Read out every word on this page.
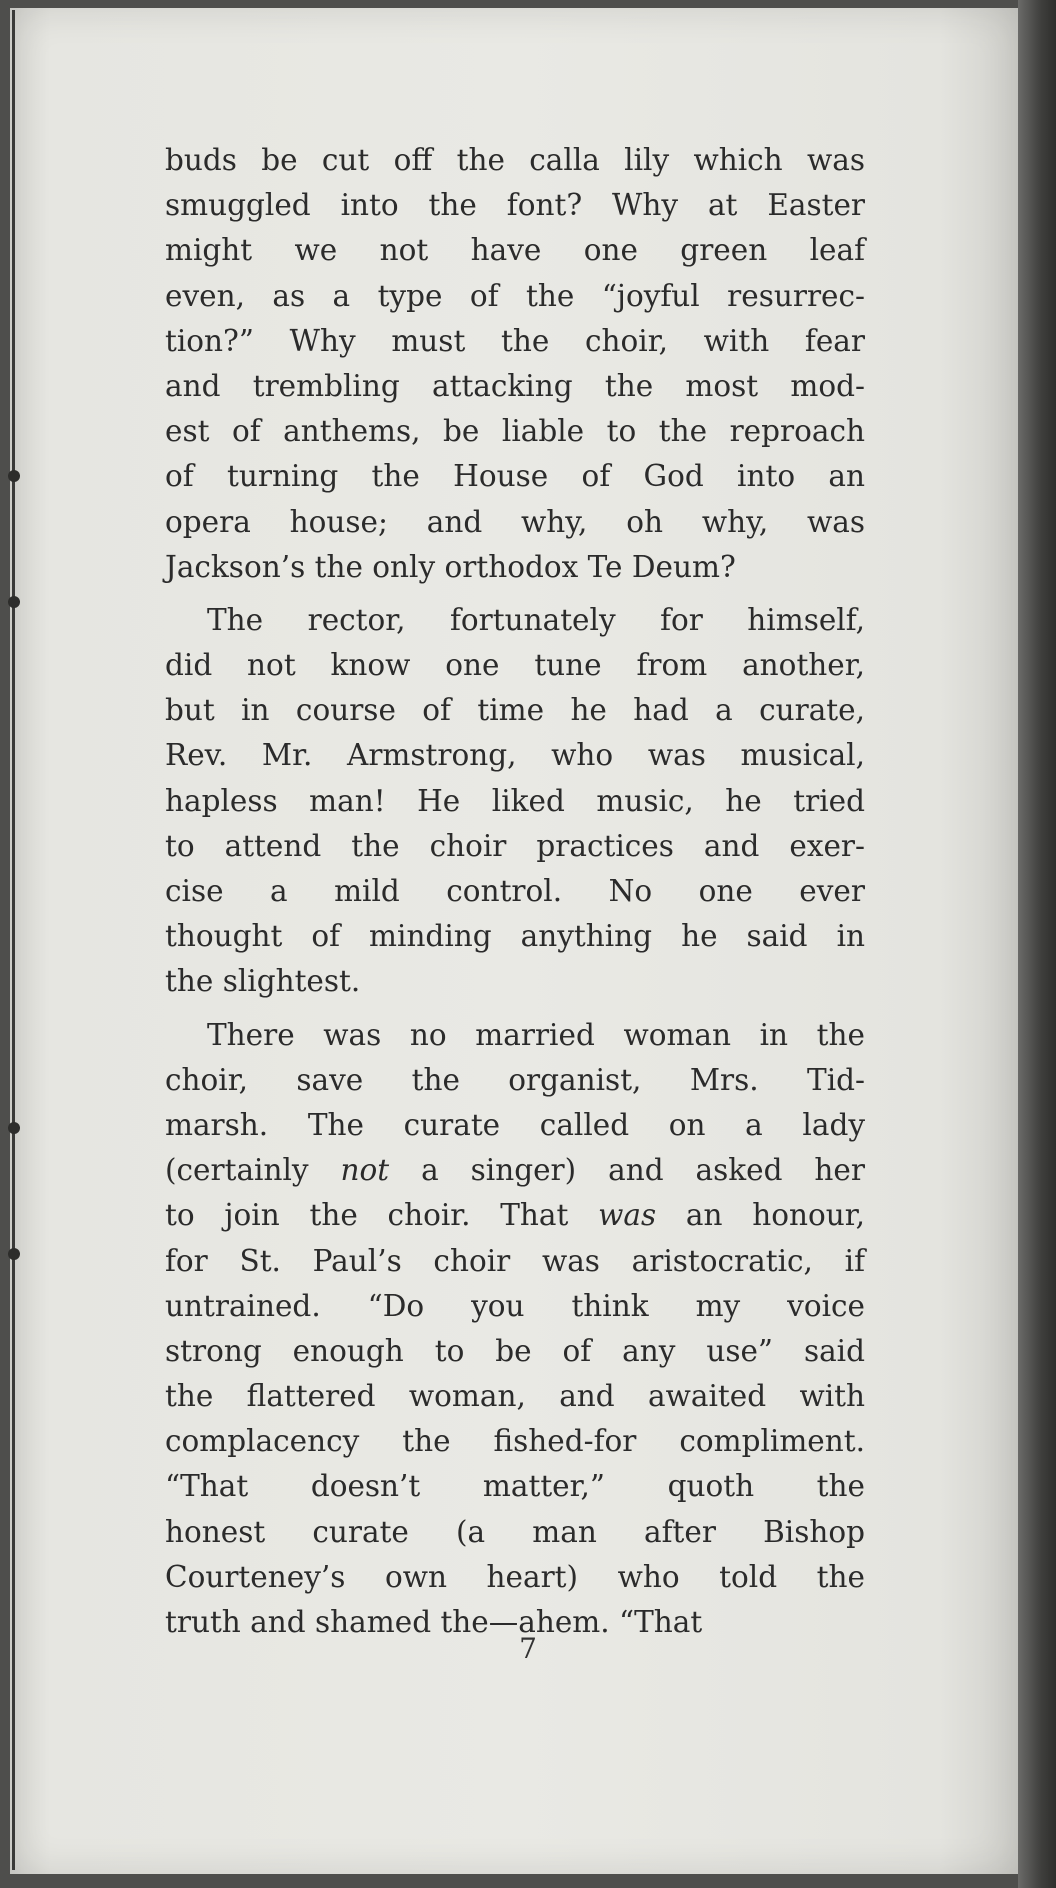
buds be cut off the calla lily which was
smuggled into the font? Why at Easter
might we not have one green leaf
even, as a type of the “joyful resurrec-
tion?” Why must the choir, with fear
and trembling attacking the most mod-
est of anthems, be liable to the reproach
of turning the House of God into an
opera house; and why, oh why, was
Jackson’s the only orthodox Te Deum?
The rector, fortunately for himself,
did not know one tune from another,
but in course of time he had a curate,
Rev. Mr. Armstrong, who was musical,
hapless man! He liked music, he tried
to attend the choir practices and exer-
cise a mild control. No one ever
thought of minding anything he said in
the slightest.
There was no married woman in the
choir, save the organist, Mrs. Tid-
marsh. The curate called on a lady
(certainly not a singer) and asked her
to join the choir. That was an honour,
for St. Paul’s choir was aristocratic, if
untrained. “Do you think my voice
strong enough to be of any use” said
the flattered woman, and awaited with
complacency the fished-for compliment.
“That doesn’t matter,” quoth the
honest curate (a man after Bishop
Courteney’s own heart) who told the
truth and shamed the—ahem. “That
7
